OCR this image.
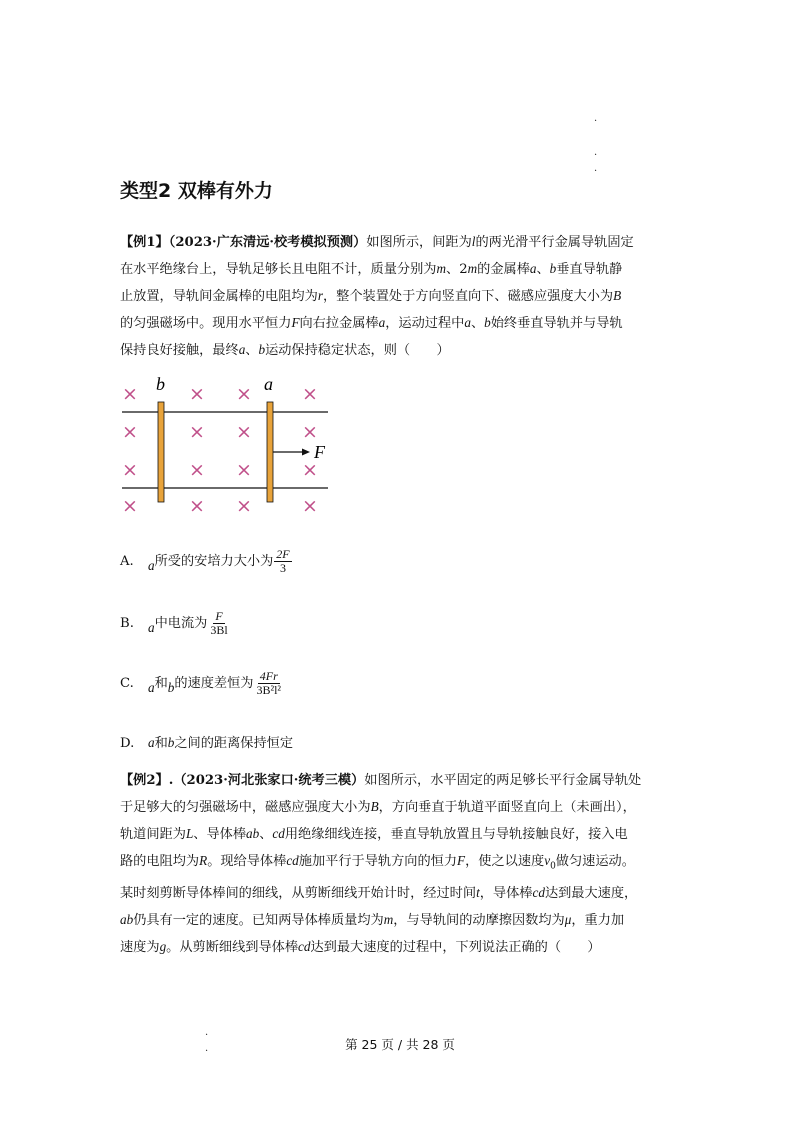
·
·
·
·
·
类型2 双棒有外力
【例1】（2023·广东清远·校考模拟预测）如图所示，间距为l的两光滑平行金属导轨固定
在水平绝缘台上，导轨足够长且电阻不计，质量分别为m、2m的金属棒a、b垂直导轨静
止放置，导轨间金属棒的电阻均为r，整个装置处于方向竖直向下、磁感应强度大小为B
的匀强磁场中。现用水平恒力F向右拉金属棒a，运动过程中a、b始终垂直导轨并与导轨
保持良好接触，最终a、b运动保持稳定状态，则（　　）
×	× ×	×
×	× ×	×
×	× ×	×
×	× ×	×
b	a
F
A. a所受的安培力大小为 $\frac{2F}{3}$
B. a中电流为 $\frac{F}{3Bl}$
C. a和b的速度差恒为 $\frac{4Fr}{\text{3B²l²}}$
D. a和b之间的距离保持恒定
【例2】.（2023·河北张家口·统考三模）如图所示，水平固定的两足够长平行金属导轨处
于足够大的匀强磁场中，磁感应强度大小为B，方向垂直于轨道平面竖直向上（未画出），
轨道间距为L、导体棒ab、cd用绝缘细线连接，垂直导轨放置且与导轨接触良好，接入电
路的电阻均为R。现给导体棒cd施加平行于导轨方向的恒力F，使之以速度$v_0$做匀速运动。
某时刻剪断导体棒间的细线，从剪断细线开始计时，经过时间t，导体棒cd达到最大速度，
ab仍具有一定的速度。已知两导体棒质量均为m，与导轨间的动摩擦因数均为μ，重力加
速度为g。从剪断细线到导体棒cd达到最大速度的过程中，下列说法正确的（　　）
第 25 页 / 共 28 页
